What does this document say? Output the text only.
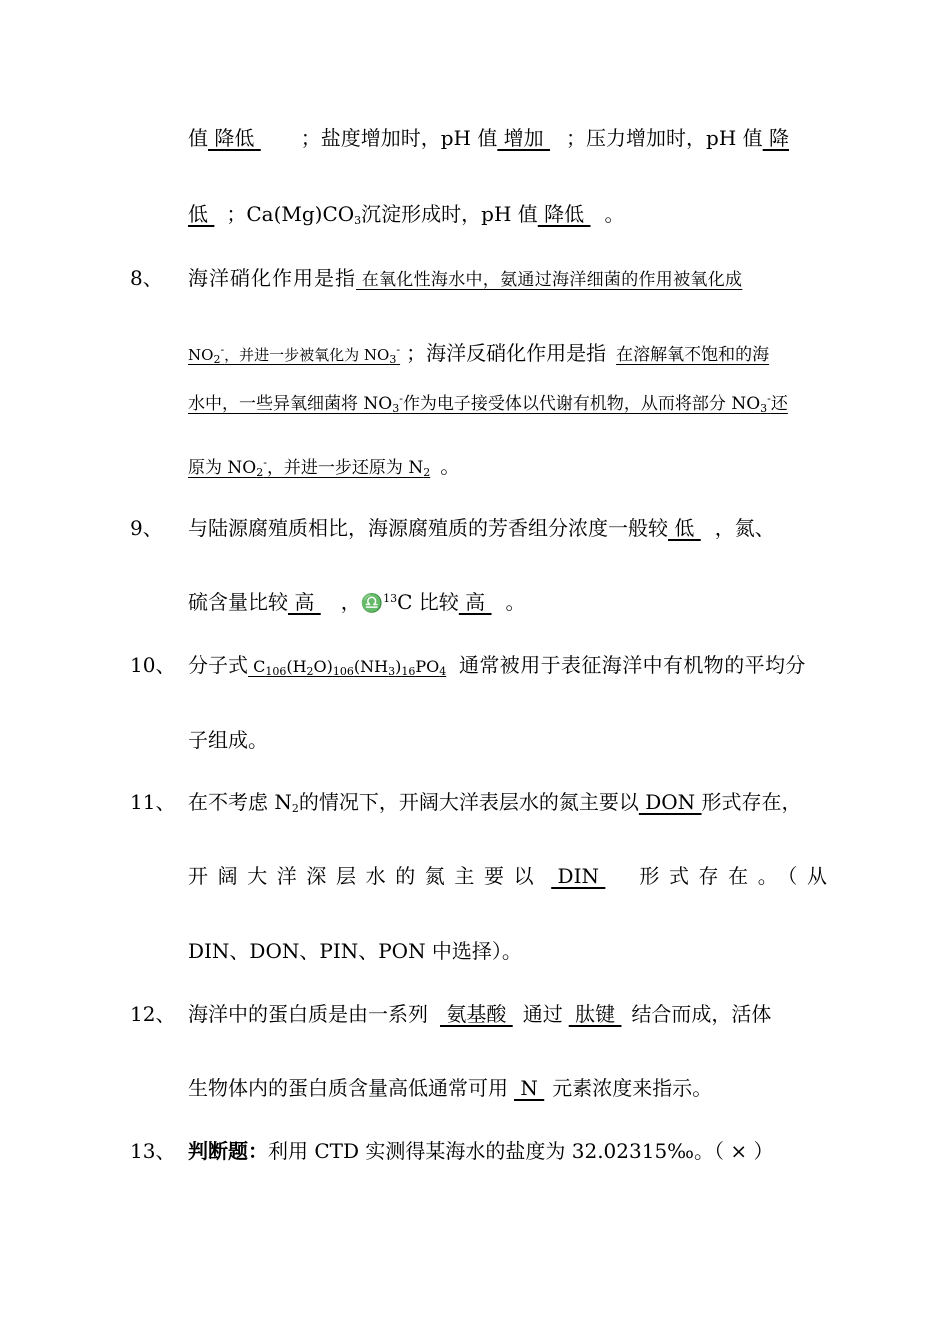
值 降低 ；盐度增加时，pH 值 增加 ；压力增加时，pH 值 降
低 ；$Ca(Mg)CO_3$沉淀形成时，pH 值 降低 。
8、 海洋硝化作用是指 在氧化性海水中，氨通过海洋细菌的作用被氧化成
$NO_2^-$，并进一步被氧化为 $NO_3^-$ ；海洋反硝化作用是指 在溶解氧不饱和的海
水中，一些异氧细菌将 $NO_3^-$作为电子接受体以代谢有机物，从而将部分 $NO_3^-$还
原为 $NO_2^-$，并进一步还原为 $N_2$ 。
9、 与陆源腐殖质相比，海源腐殖质的芳香组分浓度一般较 低 ，氮、
硫含量比较 高 ，♎$^{13}$C 比较 高 。
10、 分子式 $C_{106}(H_2O)_{106}(NH_3)_{16}PO_4$ 通常被用于表征海洋中有机物的平均分
子组成。
11、 在不考虑 $N_2$的情况下，开阔大洋表层水的氮主要以 DON 形式存在，
开阔大洋深层水的氮主要以 DIN 形式存在。（从
DIN、DON、PIN、PON 中选择）。
12、 海洋中的蛋白质是由一系列 氨基酸 通过 肽键 结合而成，活体
生物体内的蛋白质含量高低通常可用 N 元素浓度来指示。
13、 判断题：利用 CTD 实测得某海水的盐度为 32.02315‰。（ × ）
